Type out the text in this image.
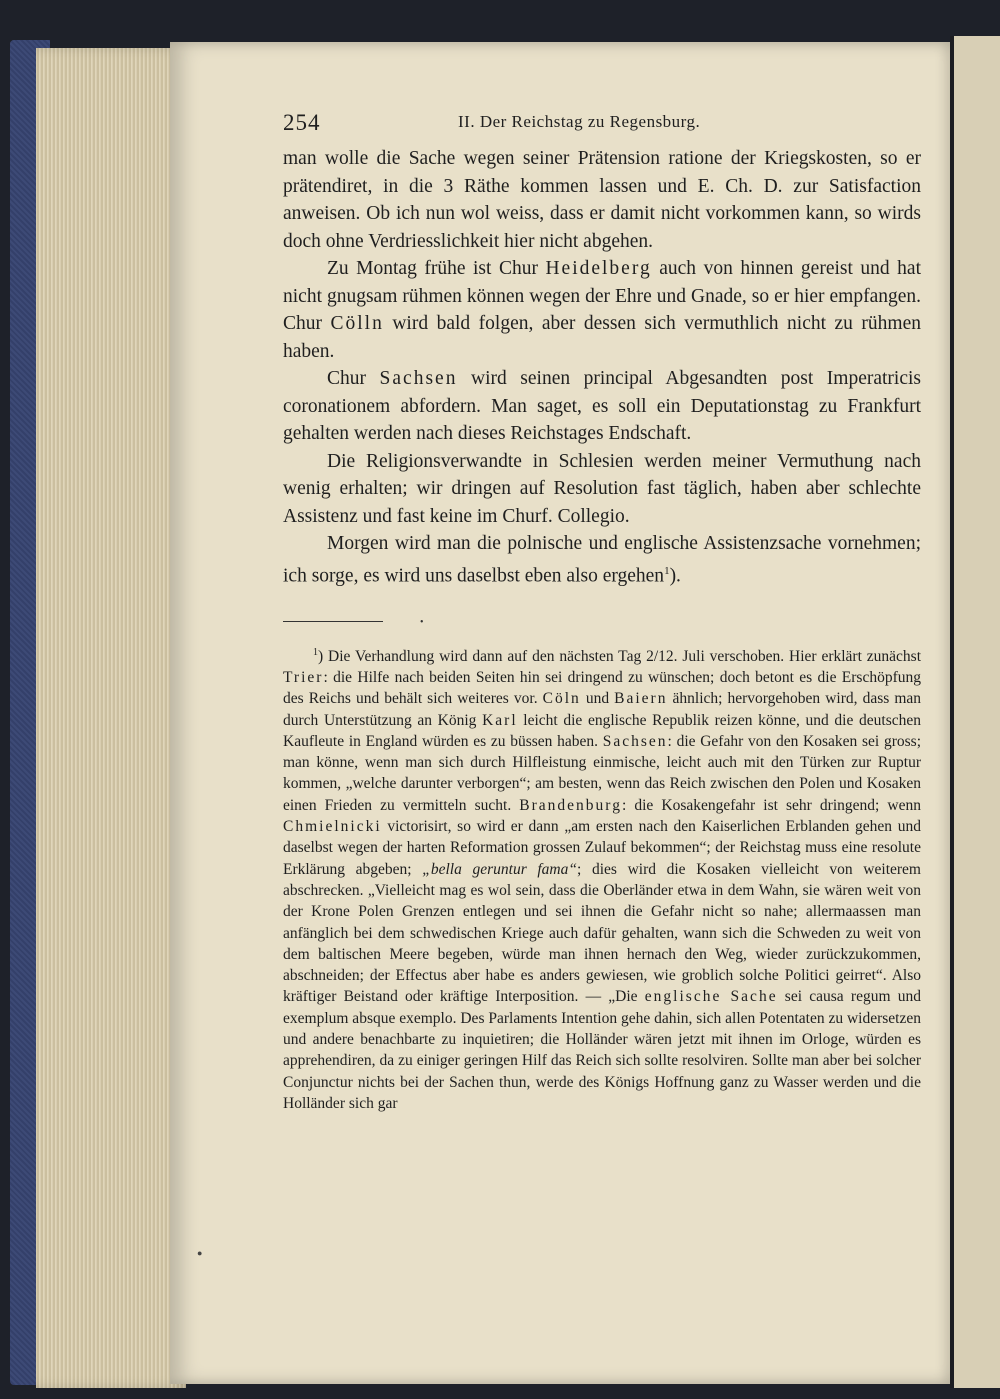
254	II. Der Reichstag zu Regensburg.

man wolle die Sache wegen seiner Prätension ratione der Kriegskosten, so er prätendiret, in die 3 Räthe kommen lassen und E. Ch. D. zur Satisfaction anweisen. Ob ich nun wol weiss, dass er damit nicht vorkommen kann, so wirds doch ohne Verdriesslichkeit hier nicht abgehen.

Zu Montag frühe ist Chur Heidelberg auch von hinnen gereist und hat nicht gnugsam rühmen können wegen der Ehre und Gnade, so er hier empfangen. Chur Cölln wird bald folgen, aber dessen sich vermuthlich nicht zu rühmen haben.

Chur Sachsen wird seinen principal Abgesandten post Imperatricis coronationem abfordern. Man saget, es soll ein Deputationstag zu Frankfurt gehalten werden nach dieses Reichstages Endschaft.

Die Religionsverwandte in Schlesien werden meiner Vermuthung nach wenig erhalten; wir dringen auf Resolution fast täglich, haben aber schlechte Assistenz und fast keine im Churf. Collegio.

Morgen wird man die polnische und englische Assistenzsache vornehmen; ich sorge, es wird uns daselbst eben also ergehen$^1$).

•

$^1$) Die Verhandlung wird dann auf den nächsten Tag 2/12. Juli verschoben. Hier erklärt zunächst Trier: die Hilfe nach beiden Seiten hin sei dringend zu wünschen; doch betont es die Erschöpfung des Reichs und behält sich weiteres vor. Cöln und Baiern ähnlich; hervorgehoben wird, dass man durch Unterstützung an König Karl leicht die englische Republik reizen könne, und die deutschen Kaufleute in England würden es zu büssen haben. Sachsen: die Gefahr von den Kosaken sei gross; man könne, wenn man sich durch Hilfleistung einmische, leicht auch mit den Türken zur Ruptur kommen, „welche darunter verborgen“; am besten, wenn das Reich zwischen den Polen und Kosaken einen Frieden zu vermitteln sucht. Brandenburg: die Kosakengefahr ist sehr dringend; wenn Chmielnicki victorisirt, so wird er dann „am ersten nach den Kaiserlichen Erblanden gehen und daselbst wegen der harten Reformation grossen Zulauf bekommen“; der Reichstag muss eine resolute Erklärung abgeben; „bella geruntur fama“; dies wird die Kosaken vielleicht von weiterem abschrecken. „Vielleicht mag es wol sein, dass die Oberländer etwa in dem Wahn, sie wären weit von der Krone Polen Grenzen entlegen und sei ihnen die Gefahr nicht so nahe; allermaassen man anfänglich bei dem schwedischen Kriege auch dafür gehalten, wann sich die Schweden zu weit von dem baltischen Meere begeben, würde man ihnen hernach den Weg, wieder zurückzukommen, abschneiden; der Effectus aber habe es anders gewiesen, wie groblich solche Politici geirret“. Also kräftiger Beistand oder kräftige Interposition. — „Die englische Sache sei causa regum und exemplum absque exemplo. Des Parlaments Intention gehe dahin, sich allen Potentaten zu widersetzen und andere benachbarte zu inquietiren; die Holländer wären jetzt mit ihnen im Orloge, würden es apprehendiren, da zu einiger geringen Hilf das Reich sich sollte resolviren. Sollte man aber bei solcher Conjunctur nichts bei der Sachen thun, werde des Königs Hoffnung ganz zu Wasser werden und die Holländer sich gar

●
